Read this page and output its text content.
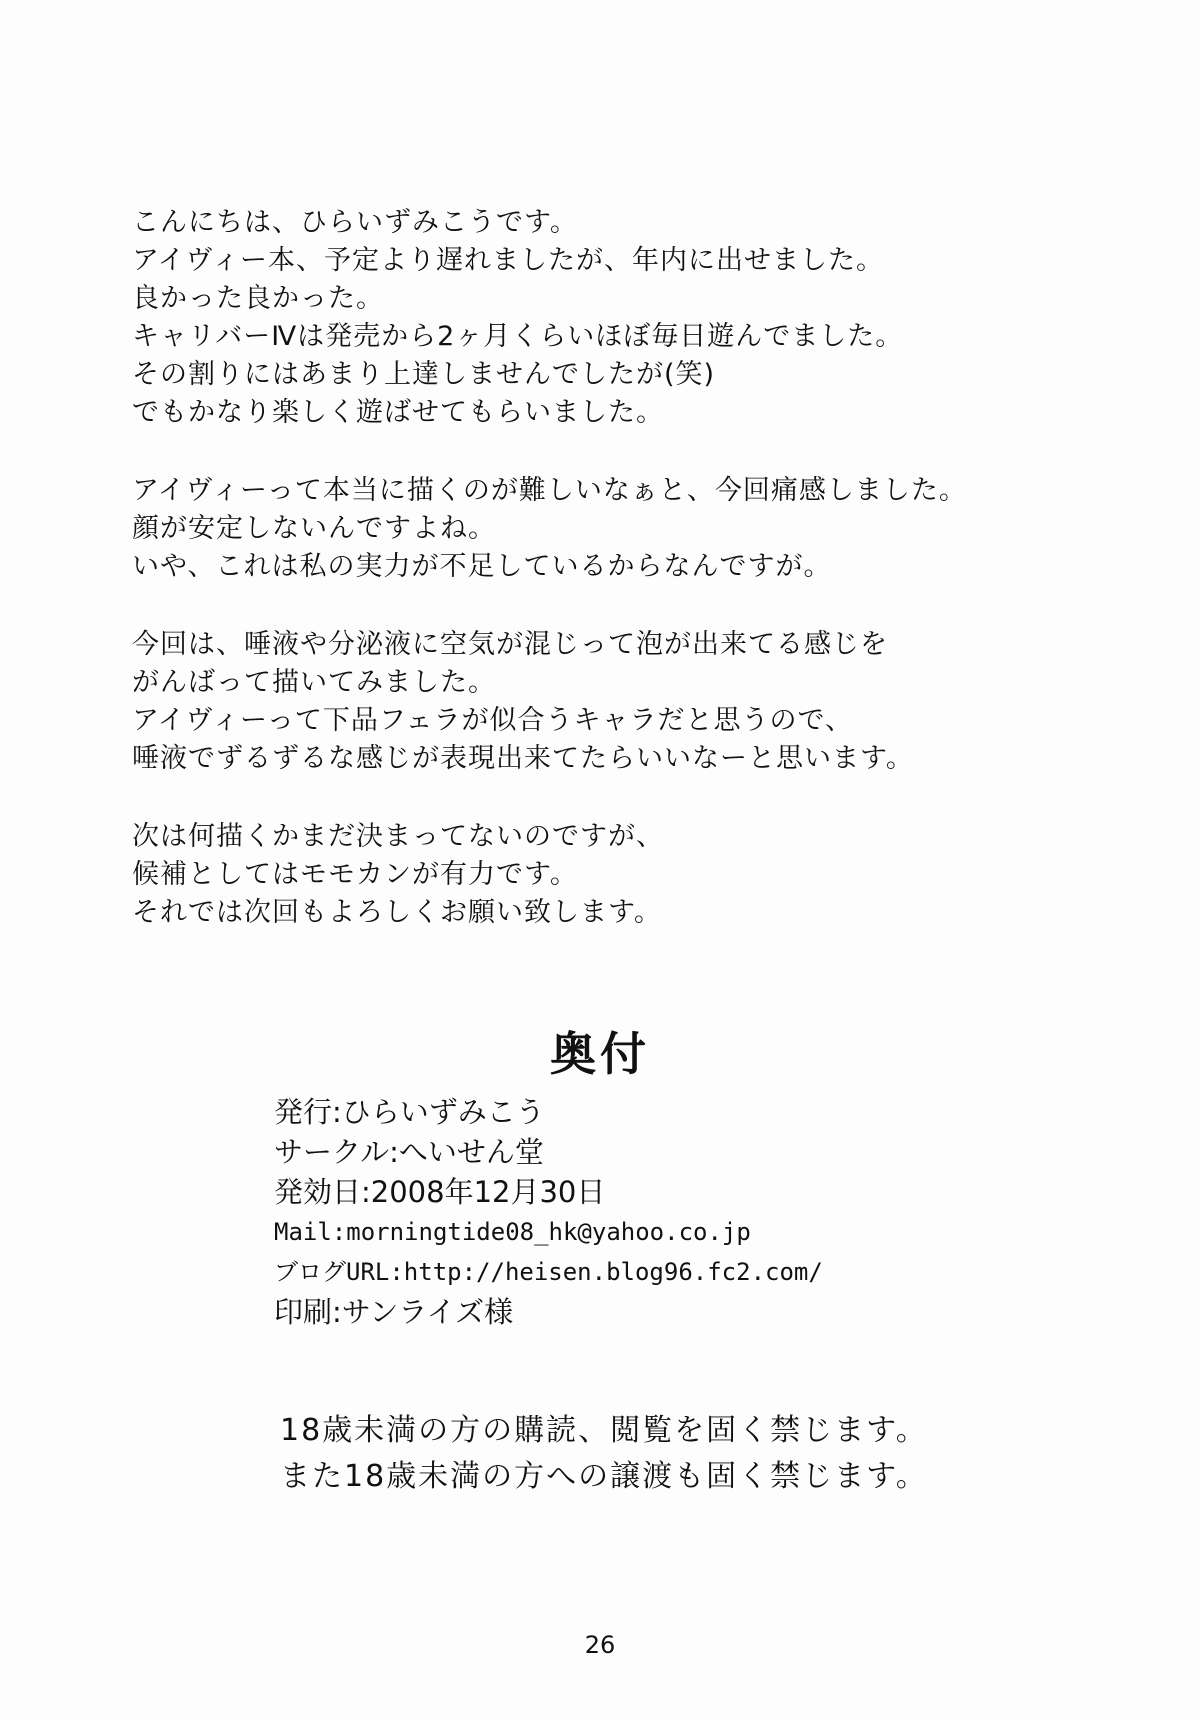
こんにちは、ひらいずみこうです。
アイヴィー本、予定より遅れましたが、年内に出せました。
良かった良かった。
キャリバーⅣは発売から2ヶ月くらいほぼ毎日遊んでました。
その割りにはあまり上達しませんでしたが(笑)
でもかなり楽しく遊ばせてもらいました。
アイヴィーって本当に描くのが難しいなぁと、今回痛感しました。
顔が安定しないんですよね。
いや、これは私の実力が不足しているからなんですが。
今回は、唾液や分泌液に空気が混じって泡が出来てる感じを
がんばって描いてみました。
アイヴィーって下品フェラが似合うキャラだと思うので、
唾液でずるずるな感じが表現出来てたらいいなーと思います。
次は何描くかまだ決まってないのですが、
候補としてはモモカンが有力です。
それでは次回もよろしくお願い致します。
奥付
発行:ひらいずみこう
サークル:へいせん堂
発効日:2008年12月30日
Mail:morningtide08_hk@yahoo.co.jp
ブログURL:http://heisen.blog96.fc2.com/
印刷:サンライズ様
18歳未満の方の購読、閲覧を固く禁じます。
また18歳未満の方への譲渡も固く禁じます。
26
